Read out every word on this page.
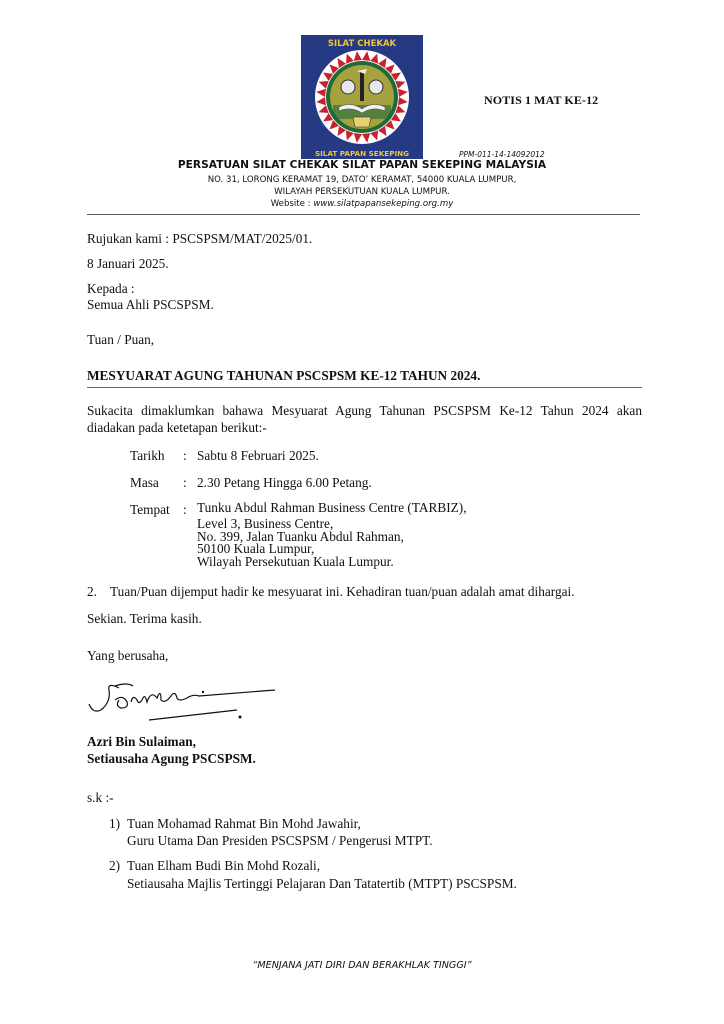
SILAT CHEKAK
SILAT PAPAN SEKEPING
NOTIS 1 MAT KE-12
PPM-011-14-14092012
PERSATUAN SILAT CHEKAK SILAT PAPAN SEKEPING MALAYSIA
NO. 31, LORONG KERAMAT 19, DATO’ KERAMAT, 54000 KUALA LUMPUR,
WILAYAH PERSEKUTUAN KUALA LUMPUR.
Website : www.silatpapansekeping.org.my
Rujukan kami : PSCSPSM/MAT/2025/01.
8 Januari 2025.
Kepada :
Semua Ahli PSCSPSM.
Tuan / Puan,
MESYUARAT AGUNG TAHUNAN PSCSPSM KE-12 TAHUN 2024.
Sukacita dimaklumkan bahawa Mesyuarat Agung Tahunan PSCSPSM Ke-12 Tahun 2024 akan
diadakan pada ketetapan berikut:-
Tarikh : Sabtu 8 Februari 2025.
Masa : 2.30 Petang Hingga 6.00 Petang.
Tempat : Tunku Abdul Rahman Business Centre (TARBIZ),
Level 3, Business Centre,
No. 399, Jalan Tuanku Abdul Rahman,
50100 Kuala Lumpur,
Wilayah Persekutuan Kuala Lumpur.
2.    Tuan/Puan dijemput hadir ke mesyuarat ini. Kehadiran tuan/puan adalah amat dihargai.
Sekian. Terima kasih.
Yang berusaha,
Azri Bin Sulaiman,
Setiausaha Agung PSCSPSM.
s.k :-
1) Tuan Mohamad Rahmat Bin Mohd Jawahir,
Guru Utama Dan Presiden PSCSPSM / Pengerusi MTPT.
2) Tuan Elham Budi Bin Mohd Rozali,
Setiausaha Majlis Tertinggi Pelajaran Dan Tatatertib (MTPT) PSCSPSM.
“MENJANA JATI DIRI DAN BERAKHLAK TINGGI”
